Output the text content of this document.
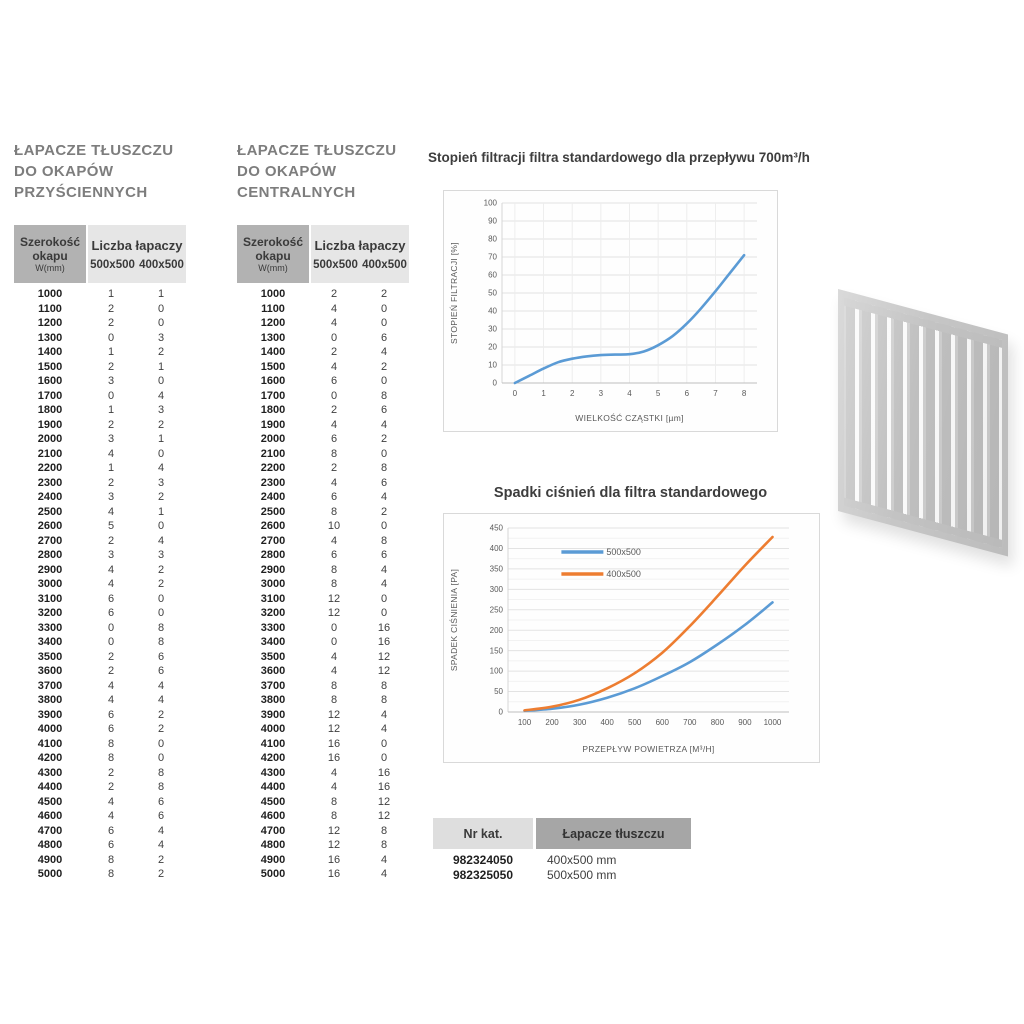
ŁAPACZE TŁUSZCZU
DO OKAPÓW
PRZYŚCIENNYCH
Szerokość
okapu
W(mm)
Liczba łapaczy
500x500 400x500
1000	1	1
1100	2	0
1200	2	0
1300	0	3
1400	1	2
1500	2	1
1600	3	0
1700	0	4
1800	1	3
1900	2	2
2000	3	1
2100	4	0
2200	1	4
2300	2	3
2400	3	2
2500	4	1
2600	5	0
2700	2	4
2800	3	3
2900	4	2
3000	4	2
3100	6	0
3200	6	0
3300	0	8
3400	0	8
3500	2	6
3600	2	6
3700	4	4
3800	4	4
3900	6	2
4000	6	2
4100	8	0
4200	8	0
4300	2	8
4400	2	8
4500	4	6
4600	4	6
4700	6	4
4800	6	4
4900	8	2
5000	8	2
ŁAPACZE TŁUSZCZU
DO OKAPÓW
CENTRALNYCH
Szerokość
okapu
W(mm)
Liczba łapaczy
500x500 400x500
1000	2	2
1100	4	0
1200	4	0
1300	0	6
1400	2	4
1500	4	2
1600	6	0
1700	0	8
1800	2	6
1900	4	4
2000	6	2
2100	8	0
2200	2	8
2300	4	6
2400	6	4
2500	8	2
2600	10	0
2700	4	8
2800	6	6
2900	8	4
3000	8	4
3100	12	0
3200	12	0
3300	0	16
3400	0	16
3500	4	12
3600	4	12
3700	8	8
3800	8	8
3900	12	4
4000	12	4
4100	16	0
4200	16	0
4300	4	16
4400	4	16
4500	8	12
4600	8	12
4700	12	8
4800	12	8
4900	16	4
5000	16	4
Stopień filtracji filtra standardowego dla przepływu 700m³/h
0
10
20
30
40
50
60
70
80
90
100
0	1	2	3	4	5	6	7	8
WIELKOŚĆ CZĄSTKI [µm]
STOPIEŃ FILTRACJI [%]
Spadki ciśnień dla filtra standardowego
0
50
100
150
200
250
300
350
400
450
100 200 300 400 500 600 700 800 900 1000
PRZEPŁYW POWIETRZA [M³/H]
SPADEK CIŚNIENIA [PA]
500x500
400x500
Nr kat.	Łapacze tłuszczu
982324050	400x500 mm
982325050	500x500 mm
